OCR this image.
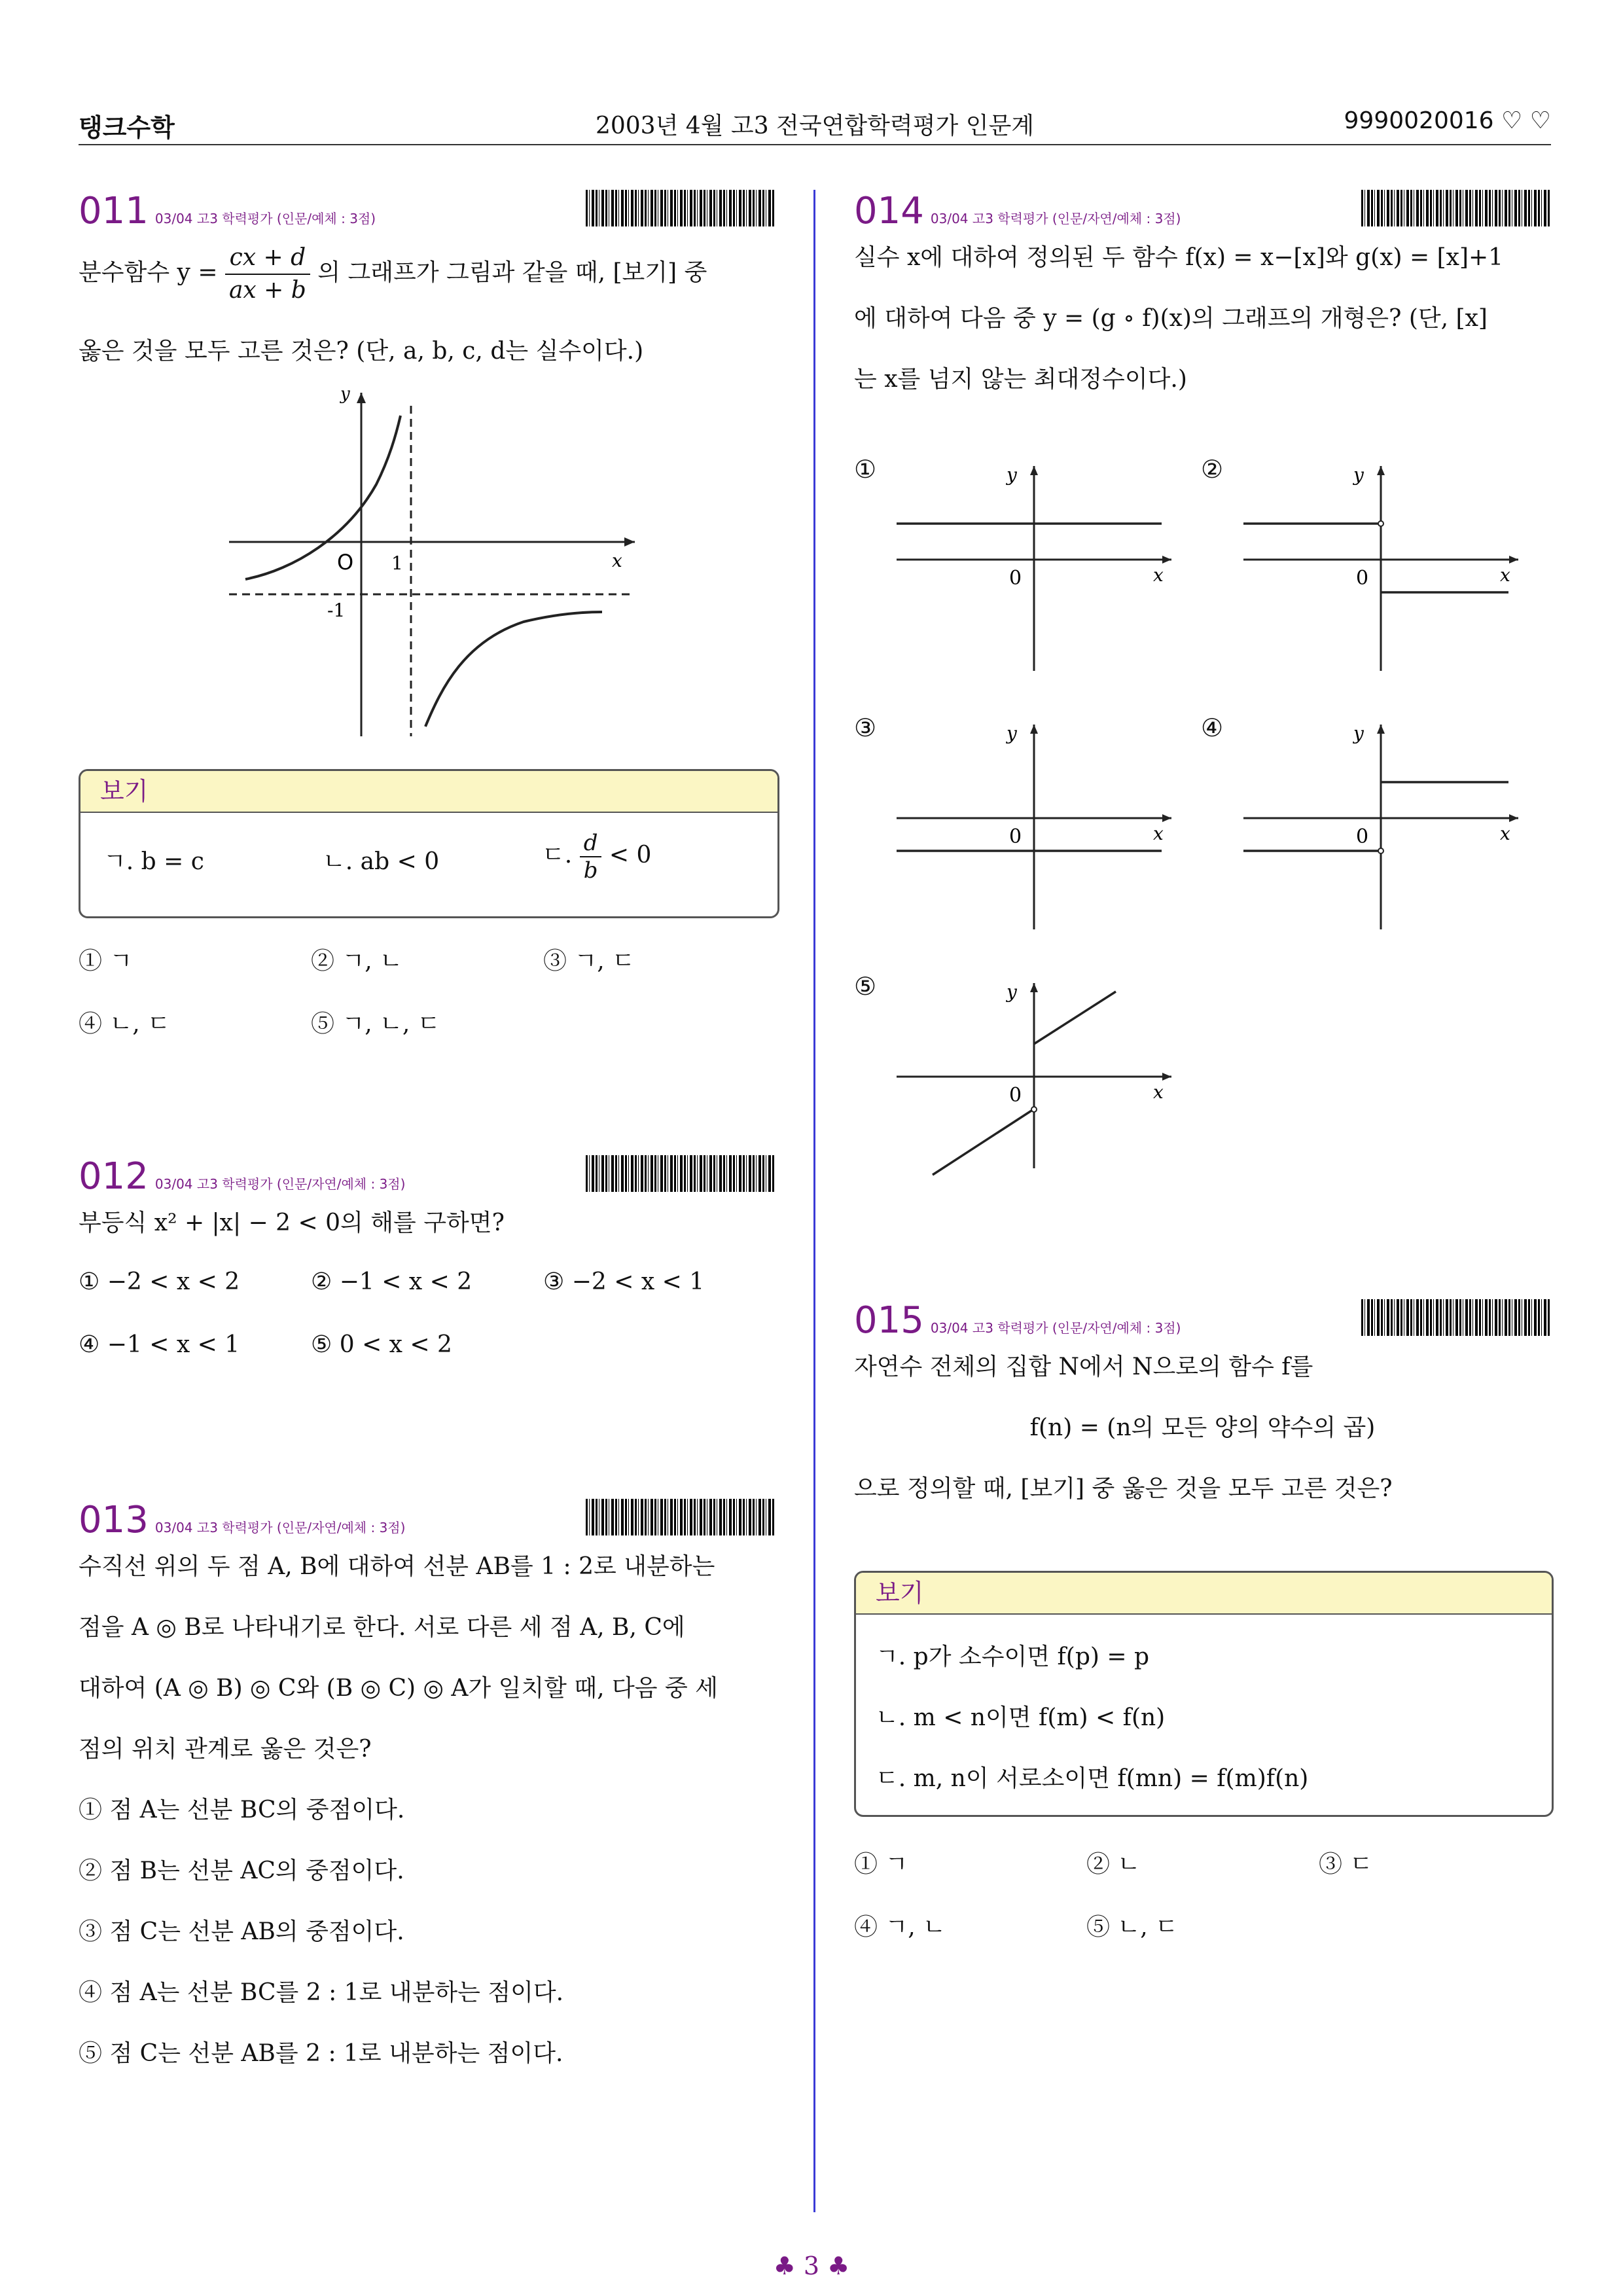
탱크수학	2003년 4월 고3 전국연합학력평가 인문계	9990020016 ♡ ♡
011 03/04 고3 학력평가 (인문/예체 : 3점)
분수함수 $y = \frac{cx + d}{ax + b}$ 의 그래프가 그림과 같을 때, [보기] 중
옳은 것을 모두 고른 것은? (단, a, b, c, d는 실수이다.)
y
x
O 1
-1
보기
ㄱ. b = c	ㄴ. ab < 0	ㄷ. $\frac{d}{b} < 0$
① ㄱ	② ㄱ, ㄴ	③ ㄱ, ㄷ
④ ㄴ, ㄷ	⑤ ㄱ, ㄴ, ㄷ
012 03/04 고3 학력평가 (인문/자연/예체 : 3점)
부등식 x² + |x| − 2 < 0의 해를 구하면?
① −2 < x < 2	② −1 < x < 2	③ −2 < x < 1
④ −1 < x < 1	⑤ 0 < x < 2
013 03/04 고3 학력평가 (인문/자연/예체 : 3점)
수직선 위의 두 점 A, B에 대하여 선분 AB를 1 : 2로 내분하는
점을 A ◎ B로 나타내기로 한다. 서로 다른 세 점 A, B, C에
대하여 (A ◎ B) ◎ C와 (B ◎ C) ◎ A가 일치할 때, 다음 중 세
점의 위치 관계로 옳은 것은?
① 점 A는 선분 BC의 중점이다.
② 점 B는 선분 AC의 중점이다.
③ 점 C는 선분 AB의 중점이다.
④ 점 A는 선분 BC를 2 : 1로 내분하는 점이다.
⑤ 점 C는 선분 AB를 2 : 1로 내분하는 점이다.
014 03/04 고3 학력평가 (인문/자연/예체 : 3점)
실수 x에 대하여 정의된 두 함수 f(x) = x−[x]와 g(x) = [x]+1
에 대하여 다음 중 y = (g ∘ f)(x)의 그래프의 개형은? (단, [x]
는 x를 넘지 않는 최대정수이다.)
①	②
③	④
⑤
y
x
0
y
x
0
y
x
0
y
x
0
y
x
0
015 03/04 고3 학력평가 (인문/자연/예체 : 3점)
자연수 전체의 집합 N에서 N으로의 함수 f를
f(n) = (n의 모든 양의 약수의 곱)
으로 정의할 때, [보기] 중 옳은 것을 모두 고른 것은?
보기
ㄱ. p가 소수이면 f(p) = p
ㄴ. m < n이면 f(m) < f(n)
ㄷ. m, n이 서로소이면 f(mn) = f(m)f(n)
① ㄱ	② ㄴ	③ ㄷ
④ ㄱ, ㄴ	⑤ ㄴ, ㄷ
♣ 3 ♣
